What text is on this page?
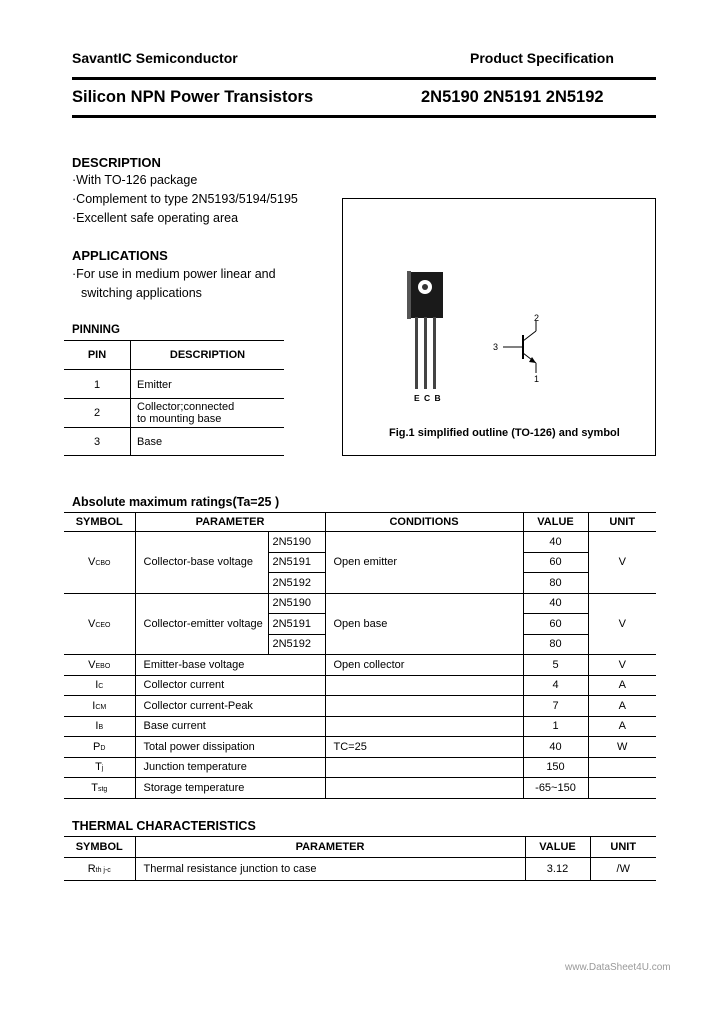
SavantIC Semiconductor	Product Specification
Silicon NPN Power Transistors	2N5190 2N5191 2N5192
DESCRIPTION
·With TO-126 package
·Complement to type 2N5193/5194/5195
·Excellent safe operating area
APPLICATIONS
·For use in medium power linear and
switching applications
PINNING
PIN	DESCRIPTION
1	Emitter
2	Collector;connected to mounting base
3	Base
E C B
2
3
1
Fig.1 simplified outline (TO-126) and symbol
Absolute maximum ratings(Ta=25 )
SYMBOL	PARAMETER		CONDITIONS	VALUE	UNIT
VCBO	Collector-base voltage	2N5190	Open emitter	40	V
		2N5191		60	
		2N5192		80	
VCEO	Collector-emitter voltage	2N5190	Open base	40	V
		2N5191		60	
		2N5192		80	
VEBO	Emitter-base voltage		Open collector	5	V
IC	Collector current			4	A
ICM	Collector current-Peak			7	A
IB	Base current			1	A
PD	Total power dissipation		TC=25	40	W
Tj	Junction temperature			150	
Tstg	Storage temperature			-65~150	
THERMAL CHARACTERISTICS
SYMBOL	PARAMETER	VALUE	UNIT
Rth j-c	Thermal resistance junction to case	3.12	/W
www.DataSheet4U.com
